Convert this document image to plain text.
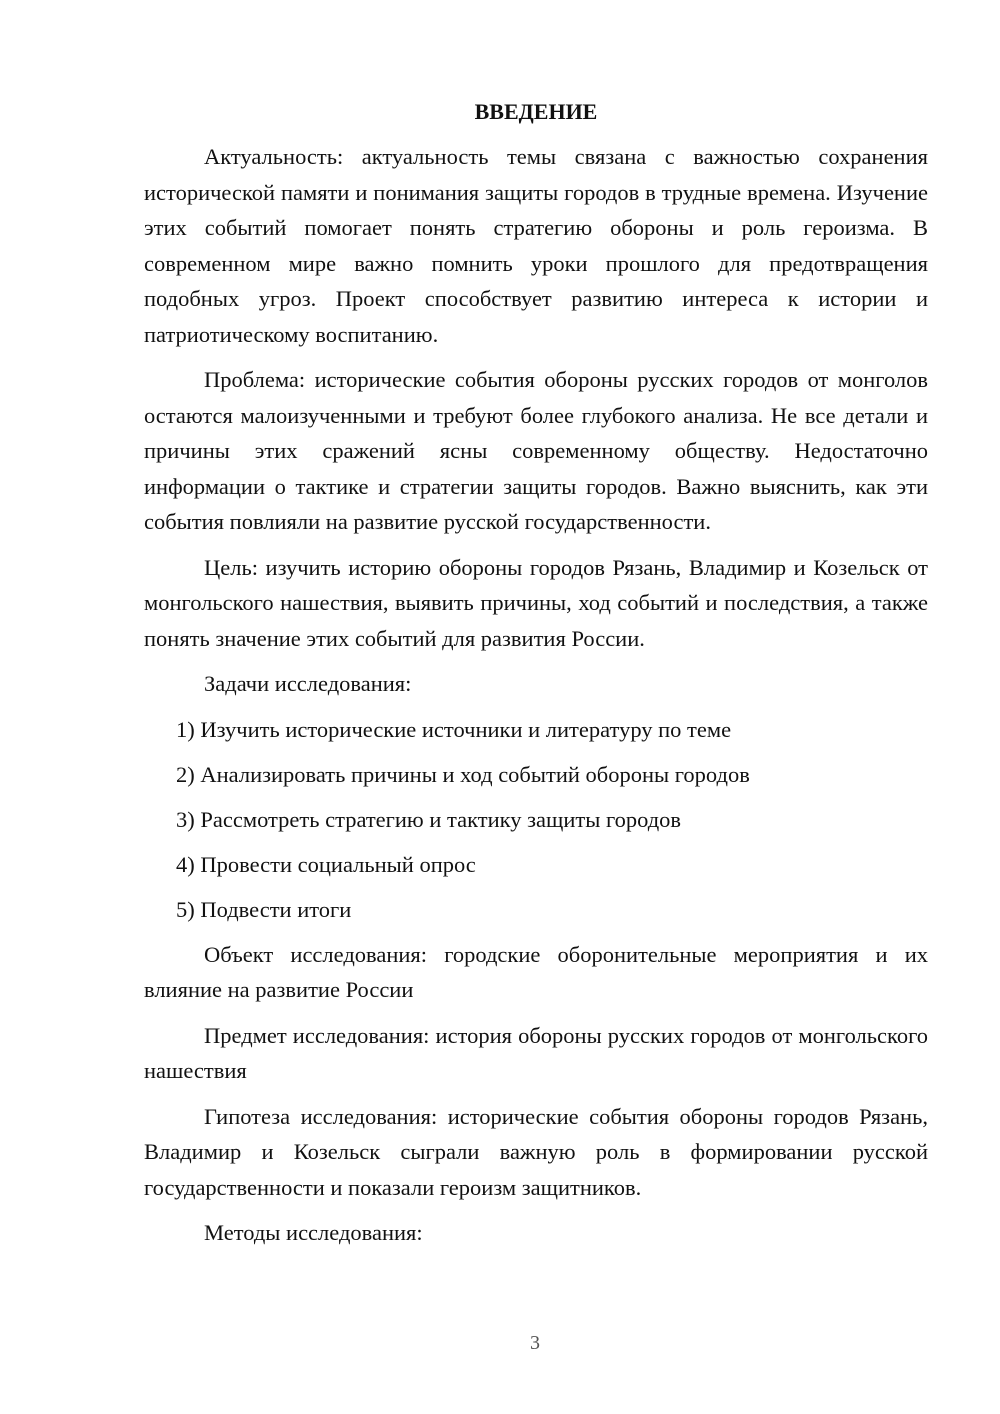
ВВЕДЕНИЕ

Актуальность: актуальность темы связана с важностью сохранения исторической памяти и понимания защиты городов в трудные времена. Изучение этих событий помогает понять стратегию обороны и роль героизма. В современном мире важно помнить уроки прошлого для предотвращения подобных угроз. Проект способствует развитию интереса к истории и патриотическому воспитанию.

Проблема: исторические события обороны русских городов от монголов остаются малоизученными и требуют более глубокого анализа. Не все детали и причины этих сражений ясны современному обществу. Недостаточно информации о тактике и стратегии защиты городов. Важно выяснить, как эти события повлияли на развитие русской государственности.

Цель: изучить историю обороны городов Рязань, Владимир и Козельск от монгольского нашествия, выявить причины, ход событий и последствия, а также понять значение этих событий для развития России.

Задачи исследования:

1) Изучить исторические источники и литературу по теме
2) Анализировать причины и ход событий обороны городов
3) Рассмотреть стратегию и тактику защиты городов
4) Провести социальный опрос
5) Подвести итоги

Объект исследования: городские оборонительные мероприятия и их влияние на развитие России

Предмет исследования: история обороны русских городов от монгольского нашествия

Гипотеза исследования: исторические события обороны городов Рязань, Владимир и Козельск сыграли важную роль в формировании русской государственности и показали героизм защитников.

Методы исследования:

3
